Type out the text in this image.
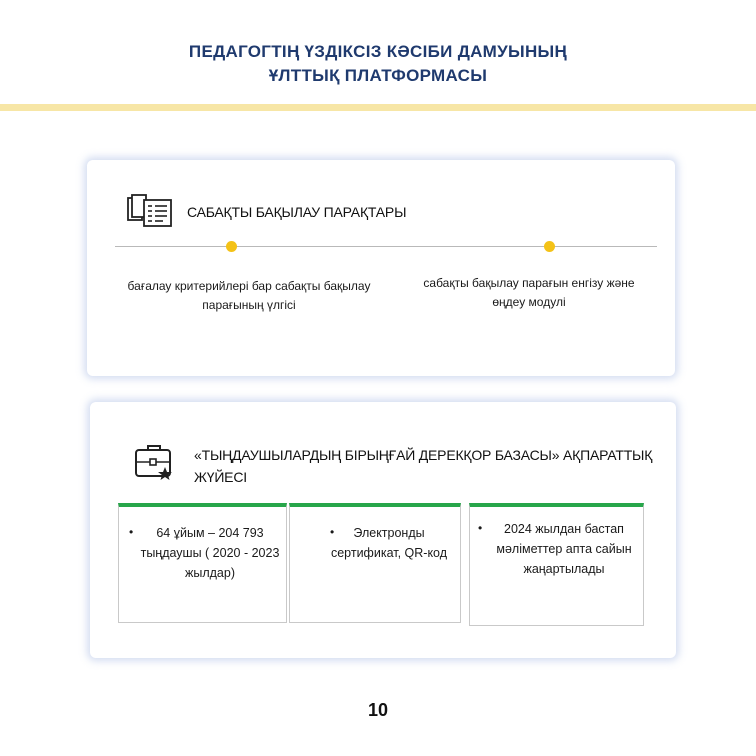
ПЕДАГОГТІҢ ҮЗДІКСІЗ КӘСІБИ ДАМУЫНЫҢ
ҰЛТТЫҚ ПЛАТФОРМАСЫ
САБАҚТЫ БАҚЫЛАУ ПАРАҚТАРЫ
бағалау критерийлері бар сабақты бақылау парағының үлгісі
сабақты бақылау парағын енгізу және өңдеу модулі
«ТЫҢДАУШЫЛАРДЫҢ БІРЫҢҒАЙ ДЕРЕКҚОР БАЗАСЫ» АҚПАРАТТЫҚ ЖҮЙЕСІ
•	64 ұйым – 204 793 тыңдаушы ( 2020 - 2023 жылдар)
•	Электронды сертификат, QR-код
•	2024 жылдан бастап мәліметтер апта сайын жаңартылады
10
